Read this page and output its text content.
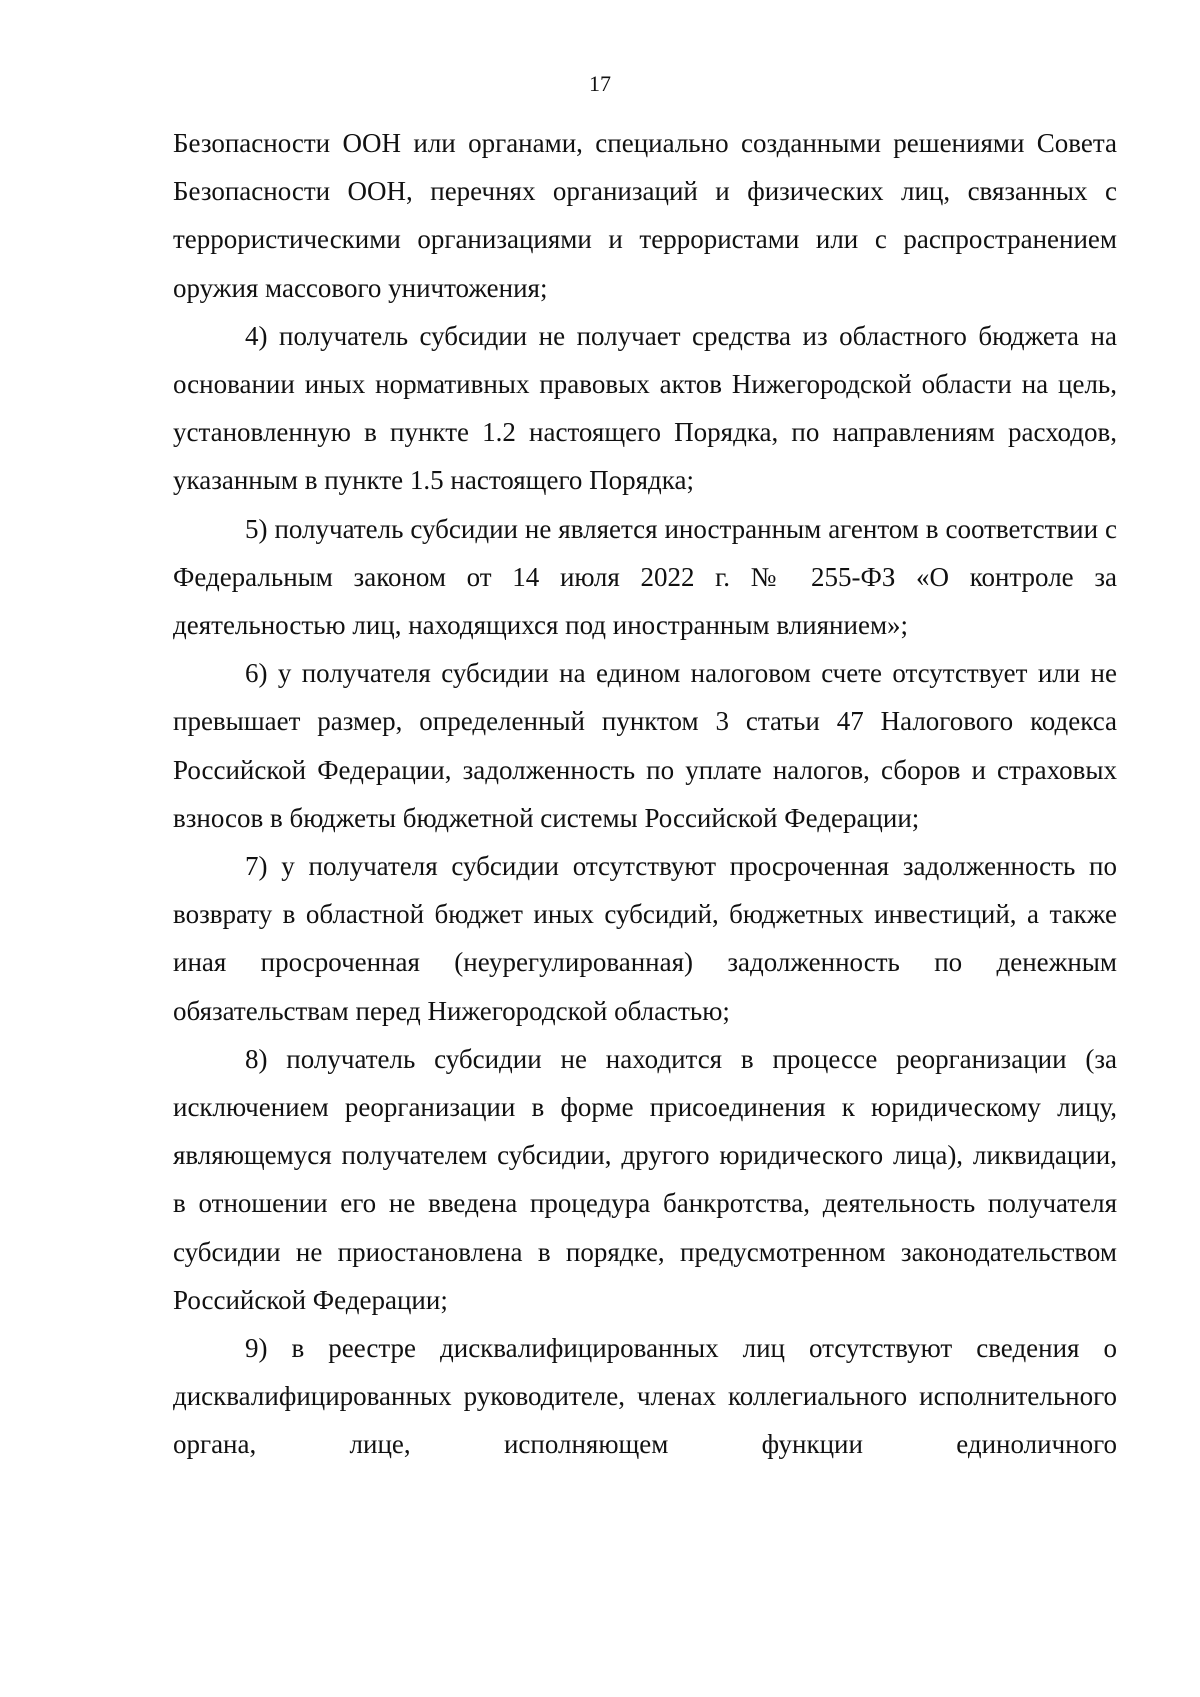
17

Безопасности ООН или органами, специально созданными решениями Совета Безопасности ООН, перечнях организаций и физических лиц, связанных с террористическими организациями и террористами или с распространением оружия массового уничтожения;

4) получатель субсидии не получает средства из областного бюджета на основании иных нормативных правовых актов Нижегородской области на цель, установленную в пункте 1.2 настоящего Порядка, по направлениям расходов, указанным в пункте 1.5 настоящего Порядка;

5) получатель субсидии не является иностранным агентом в соответствии с Федеральным законом от 14 июля 2022 г. № 255-ФЗ «О контроле за деятельностью лиц, находящихся под иностранным влиянием»;

6) у получателя субсидии на едином налоговом счете отсутствует или не превышает размер, определенный пунктом 3 статьи 47 Налогового кодекса Российской Федерации, задолженность по уплате налогов, сборов и страховых взносов в бюджеты бюджетной системы Российской Федерации;

7) у получателя субсидии отсутствуют просроченная задолженность по возврату в областной бюджет иных субсидий, бюджетных инвестиций, а также иная просроченная (неурегулированная) задолженность по денежным обязательствам перед Нижегородской областью;

8) получатель субсидии не находится в процессе реорганизации (за исключением реорганизации в форме присоединения к юридическому лицу, являющемуся получателем субсидии, другого юридического лица), ликвидации, в отношении его не введена процедура банкротства, деятельность получателя субсидии не приостановлена в порядке, предусмотренном законодательством Российской Федерации;

9) в реестре дисквалифицированных лиц отсутствуют сведения о дисквалифицированных руководителе, членах коллегиального исполнительного органа, лице, исполняющем функции единоличного
